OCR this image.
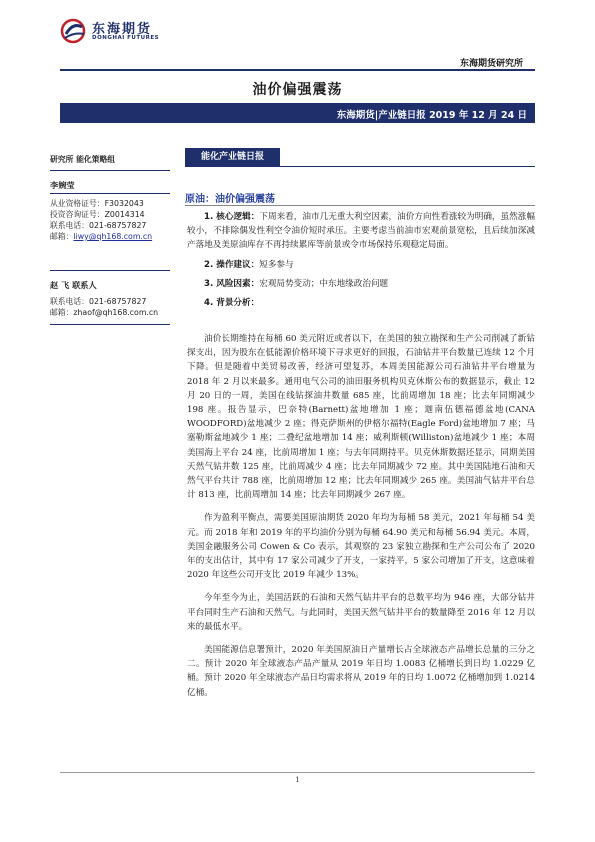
东海期货
DONGHAI FUTURES
东海期货研究所
油价偏强震荡
东海期货|产业链日报 2019 年 12 月 24 日
研究所 能化策略组
李婉莹
从业资格证号：F3032043
投资咨询证号：Z0014314
联系电话：021-68757827
邮箱：liwy@qh168.com.cn
赵 飞 联系人
联系电话：021-68757827
邮箱：zhaof@qh168.com.cn
能化产业链日报
原油：油价偏强震荡

1. 核心逻辑：下周来看，油市几无重大利空因素，油价方向性看涨较为明确，虽然涨幅较小，不排除偶发性利空令油价短时承压。主要考虑当前油市宏观前景宽松，且后续加深减产落地及美原油库存不再持续累库等前景或令市场保持乐观稳定局面。

2. 操作建议：短多参与

3. 风险因素：宏观局势变动；中东地缘政治问题

4. 背景分析：

油价长期维持在每桶 60 美元附近或者以下，在美国的独立勘探和生产公司削减了新钻探支出，因为股东在低能源价格环境下寻求更好的回报，石油钻井平台数量已连续 12 个月下降。但是随着中美贸易改善，经济可望复苏，本周美国能源公司石油钻井平台增量为 2018 年 2 月以来最多。通用电气公司的油田服务机构贝克休斯公布的数据显示，截止 12 月 20 日的一周，美国在线钻探油井数量 685 座，比前周增加 18 座；比去年同期减少 198 座。报告显示，巴奈特(Barnett)盆地增加 1 座；迦南伍德福德盆地(CANA WOODFORD)盆地减少 2 座；得克萨斯州的伊格尔福特(Eagle Ford)盆地增加 7 座；马塞勒斯盆地减少 1 座；二叠纪盆地增加 14 座；威利斯顿(Williston)盆地减少 1 座；本周美国海上平台 24 座，比前周增加 1 座；与去年同期持平。贝克休斯数据还显示，同期美国天然气钻井数 125 座，比前周减少 4 座；比去年同期减少 72 座。其中美国陆地石油和天然气平台共计 788 座，比前周增加 12 座；比去年同期减少 265 座。美国油气钻井平台总计 813 座，比前周增加 14 座；比去年同期减少 267 座。

作为盈利平衡点，需要美国原油期货 2020 年均为每桶 58 美元，2021 年每桶 54 美元。而 2018 年和 2019 年的平均油价分别为每桶 64.90 美元和每桶 56.94 美元。本周，美国金融服务公司 Cowen & Co 表示，其观察的 23 家独立勘探和生产公司公布了 2020 年的支出估计，其中有 17 家公司减少了开支，一家持平，5 家公司增加了开支，这意味着 2020 年这些公司开支比 2019 年减少 13%。

今年至今为止，美国活跃的石油和天然气钻井平台的总数平均为 946 座，大部分钻井平台同时生产石油和天然气。与此同时，美国天然气钻井平台的数量降至 2016 年 12 月以来的最低水平。

美国能源信息署预计，2020 年美国原油日产量增长占全球液态产品增长总量的三分之二。预计 2020 年全球液态产品产量从 2019 年日均 1.0083 亿桶增长到日均 1.0229 亿桶。预计 2020 年全球液态产品日均需求将从 2019 年的日均 1.0072 亿桶增加到 1.0214 亿桶。

1
